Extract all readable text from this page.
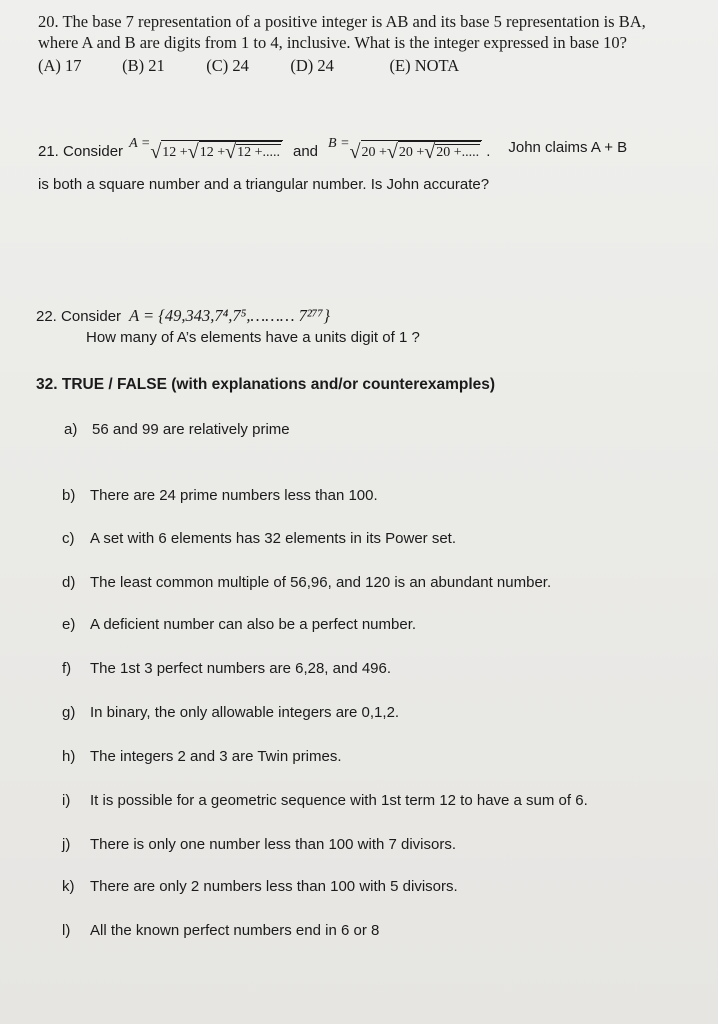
20. The base 7 representation of a positive integer is AB and its base 5 representation is BA,
where A and B are digits from 1 to 4, inclusive. What is the integer expressed in base 10?
(A) 17 (B) 21	(C) 24	(D) 24	(E) NOTA
21. Consider A = √ 12 + √ 12 + √ 12 +..... and B = √ 20 + √ 20 + √ 20 +..... . John claims A + B
is both a square number and a triangular number. Is John accurate?
22. Consider A = {49,343,7⁴,7⁵,……… 7²⁷⁷}
How many of A’s elements have a units digit of 1 ?
32. TRUE / FALSE (with explanations and/or counterexamples)
a) 56 and 99 are relatively prime
b) There are 24 prime numbers less than 100.
c) A set with 6 elements has 32 elements in its Power set.
d) The least common multiple of 56,96, and 120 is an abundant number.
e) A deficient number can also be a perfect number.
f) The 1st 3 perfect numbers are 6,28, and 496.
g) In binary, the only allowable integers are 0,1,2.
h) The integers 2 and 3 are Twin primes.
i) It is possible for a geometric sequence with 1st term 12 to have a sum of 6.
j) There is only one number less than 100 with 7 divisors.
k) There are only 2 numbers less than 100 with 5 divisors.
l) All the known perfect numbers end in 6 or 8
